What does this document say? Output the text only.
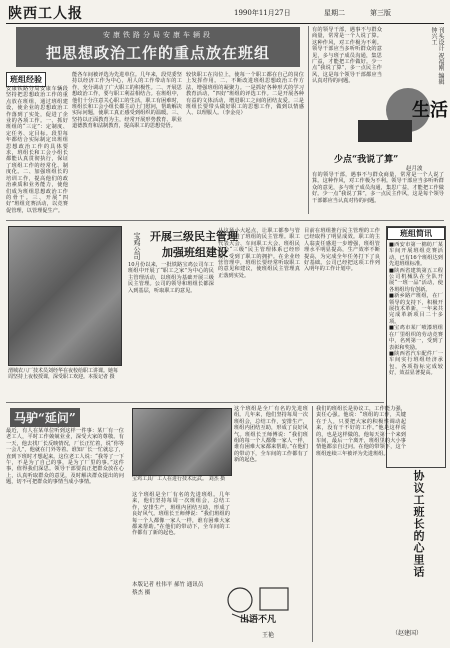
陕西工人报	1990年11月27日	星期二	第三版
安康铁路分局安康车辆段
把思想政治工作的重点放在班组
班组经验
安康铁路分局安康车辆段坚持把思想政治工作的重点放在班组，通过班组建设，使企业的思想政治工作落到了实处，促进了企业的各项工作。一、抓好班组的“三定”：定制度、定任务、定目标。段里每年都结合实际制定出班组思想政治工作的具体要求，班组长和工会小组长都能认真贯彻执行，保证了班组工作的经常化、制度化。二、加强班组长的培训工作，提高他们的政治素质和业务能力，使他们成为班组思想政治工作的骨干。三、开展“四好”班组竞赛活动，以竞赛促管理，以管理促生产。
能各车间被评选为先进单位。几年来，段党委坚持以经济工作为中心，用人的工作带动车的工作，充分调动了广大职工的积极性。二、开展思想政治工作，要与职工利益相结合。在班组中，他们十分注意关心职工的生活，职工有困难时，班组长和工会小组长都主动上门慰问，帮助解决实际问题，使职工真正感受到组织的温暖。三、坚持以正面教育为主，经常开展形势教育、职业道德教育和法制教育，提高职工的思想觉悟。
较快职工在岗位上，使每一个职工都在自己的岗位上发挥作用。二、不断改进班组思想政治工作方法，增强班组的凝聚力。一是抓好各种形式的学习教育活动，“四好”班组的评选工作。二是开展各种有益的文体活动，增进职工之间的团结友爱。三是班组长要带头做好职工的思想工作，做到以情感人、以理服人。（李金亮）
有的领导干部，遇事不与群众商量，常常是一个人说了算。这种作风，对工作极为不利。领导干部应当多听听群众的意见，多与班子成员沟通，集思广益，才能把工作做好。少一点“我说了算”，多一点民主作风，这是每个领导干部都应当认真对待的问题。	刊头设计 祝福刚 编辑 钟兴工
生活
少点“我说了算”
赵月波
有的领导干部，遇事不与群众商量，常常是一个人说了算。这种作风，对工作极为不利。领导干部应当多听听群众的意见，多与班子成员沟通，集思广益，才能把工作做好。少一点“我说了算”，多一点民主作风，这是每个领导干部都应当认真对待的问题。
渭城农八厂技术员刘经华在夜校给职工讲课。她每周坚持上夜校授课，深受职工欢迎。本报记者 摄
宝鸡公司 开展三级民主管理
加强班组建设
10月份以来，一批铁路宝鸡公司车工班组中开展了“职工之家”为中心的民主管理活动，以班组为基础开展三级民主管理。公司的领导和班组长都深入到基层，听取职工的意见。
从这场小大起点，让职工都参与管理，促进了班组的民主管理。职工代表大会、车间职工大会、班组民主会“三级”民主管理体系已经形成，受到了职工的拥护。在企业经营管理中，班组长要经常听取职工的意见和建议，使班组民主管理真正落到实处。
目前在班组推行民主管理的工作已经取得了明显成效。职工的主人翁责任感进一步增强，班组管理水平明显提高，生产效率不断提高，为完成全年任务打下了良好基础。公司已经把这项工作列入明年的工作计划中。
班组简讯
■西安市第一棉纺厂某车间开展班组竞赛活动，已有16个班组达到先进班组标准。
■陕西省建筑第五工程公司机械队在全队开展“一班一品”活动，使各班组均有创新。
■新乡路产班组，在厂领导的支持下，积极开展技术革新，一年来共完成革新项目二十多项。
■宝鸡市某厂喷漆班组在厂里组织的劳动竞赛中，名列第一，受到了表彰和奖励。
■陕西省汽车配件厂一车间实行班组经济承包，各项指标完成较好，效益显著提高。
马驴“延问”
最近，有人在某单位听到这样一件事：某厂有一位老工人，平时工作兢兢业业，深受大家的尊敬。有一天，他去找厂长反映情况，厂长正忙着，说“你等一会儿”，他就在门外等着。谁知厂长一忙就忘了，直到下班时才想起来。这位老工人说：“我等了一下午，不是为了自己的事，是为了厂里的事。”这件事，值得我们深思。领导干部要真正把群众放在心上，认真听取群众的意见，及时解决群众提出的问题，切不可把群众的事情当成小事情。
宝鸡工具厂工人在进行技术比武。 刘杰 摄
这个班组是全厂有名的先进班组。几年来，他们坚持每周一次班组会，总结工作，安排生产，班组内团结互助，形成了良好风气。班组长王师傅说：“我们班组的每一个人都像一家人一样，谁有困难大家都来帮助。”在他们的带动下，全车间的工作都有了新的起色。
这个班组是全厂有名的先进班组。几年来，他们坚持每周一次班组会，总结工作，安排生产，班组内团结互助，形成了良好风气。班组长王师傅说：“我们班组的每一个人都像一家人一样，谁有困难大家都来帮助。”在他们的带动下，全车间的工作都有了新的起色。
出语不凡
王艳
本版记者 杜伟平 郝竹 通讯员 蔡杰 摄
我们的班组长是协议工，工作能力强，责任心强。他说：“班组的工作，关键在于人，只要把大家的积极性调动起来，没有干不好的工作。”他是这样说的，也是这样做的。他每天第一个来到车间，最后一个离开，班组里的大小事情他都亲自过问。在他的带领下，这个班组连续三年被评为先进班组。
协议工班长的心里话
（赵建国）
